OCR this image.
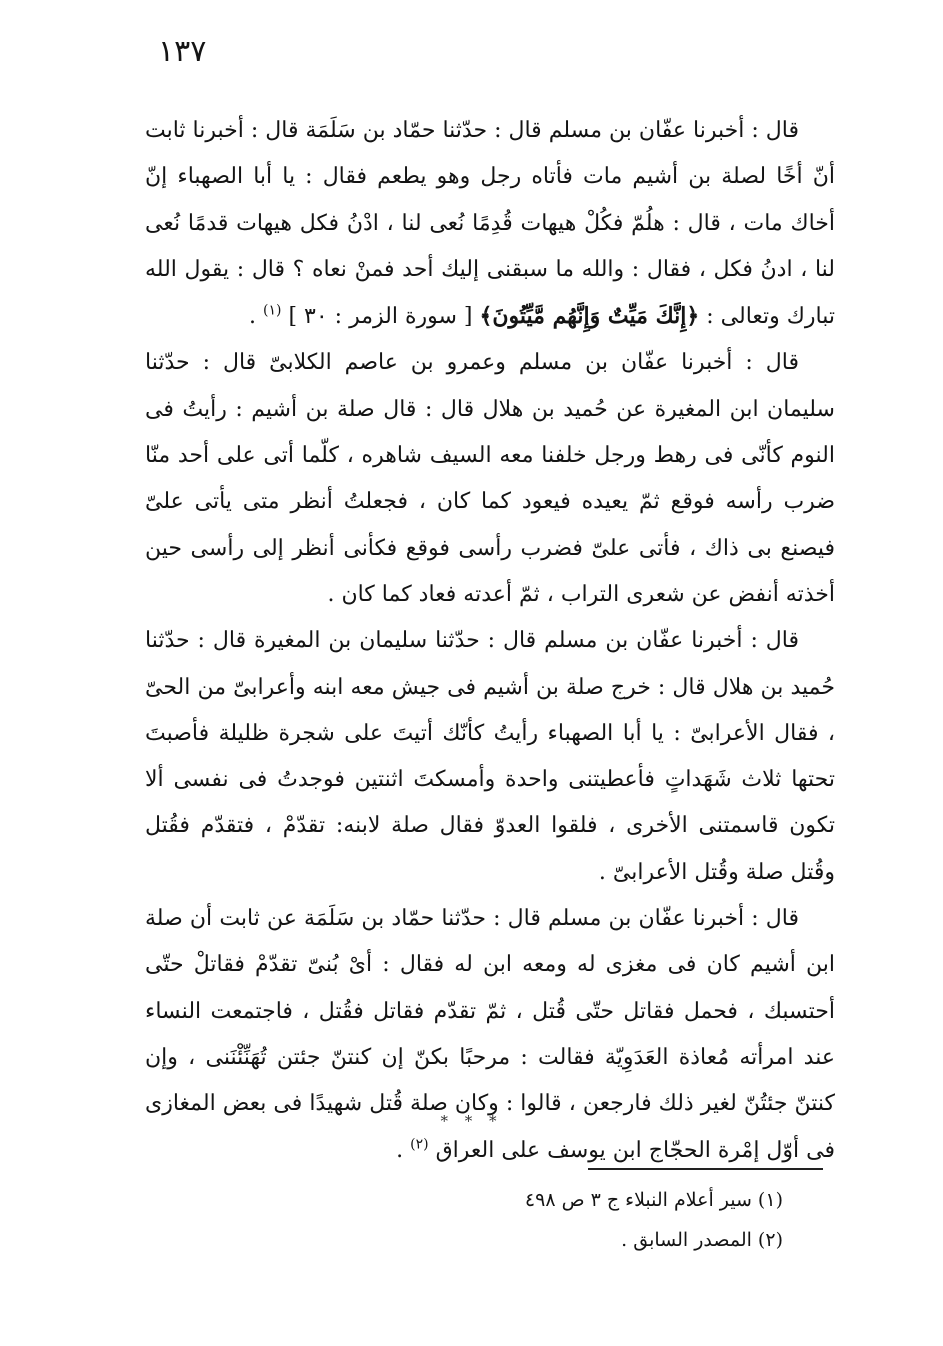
١٣٧

قال : أخبرنا عفّان بن مسلم قال : حدّثنا حمّاد بن سَلَمَة قال : أخبرنا ثابت أنّ أخًا لصلة بن أشيم مات فأتاه رجل وهو يطعم فقال : يا أبا الصهباء إنّ أخاك مات ، قال : هلُمّ فكُلْ هيهات قُدِمًا نُعى لنا ، ادْنُ فكل هيهات قدمًا نُعى لنا ، ادنُ فكل ، فقال : والله ما سبقنى إليك أحد فمنْ نعاه ؟ قال : يقول الله تبارك وتعالى : ﴿إِنَّكَ مَيِّتٌ وَإِنَّهُم مَّيِّتُونَ﴾ [ سورة الزمر : ٣٠ ] $^{(١)}$ .

قال : أخبرنا عفّان بن مسلم وعمرو بن عاصم الكلابىّ قال : حدّثنا سليمان ابن المغيرة عن حُميد بن هلال قال : قال صلة بن أشيم : رأيتُ فى النوم كأنّى فى رهط ورجل خلفنا معه السيف شاهره ، كلّما أتى على أحد منّا ضرب رأسه فوقع ثمّ يعيده فيعود كما كان ، فجعلتُ أنظر متى يأتى علىّ فيصنع بى ذاك ، فأتى علىّ فضرب رأسى فوقع فكأنى أنظر إلى رأسى حين أخذته أنفض عن شعرى التراب ، ثمّ أعدته فعاد كما كان .

قال : أخبرنا عفّان بن مسلم قال : حدّثنا سليمان بن المغيرة قال : حدّثنا حُميد بن هلال قال : خرج صلة بن أشيم فى جيش معه ابنه وأعرابىّ من الحىّ ، فقال الأعرابىّ : يا أبا الصهباء رأيتُ كأنّك أتيتَ على شجرة ظليلة فأصبتَ تحتها ثلاث شَهَداتٍ فأعطيتنى واحدة وأمسكتَ اثنتين فوجدتُ فى نفسى ألا تكون قاسمتنى الأخرى ، فلقوا العدوّ فقال صلة لابنه: تقدّمْ ، فتقدّم فقُتل وقُتل صلة وقُتل الأعرابىّ .

قال : أخبرنا عفّان بن مسلم قال : حدّثنا حمّاد بن سَلَمَة عن ثابت أن صلة ابن أشيم كان فى مغزى له ومعه ابن له فقال : أىْ بُنىّ تقدّمْ فقاتلْ حتّى أحتسبك ، فحمل فقاتل حتّى قُتل ، ثمّ تقدّم فقاتل فقُتل ، فاجتمعت النساء عند امرأته مُعاذة العَدَوِيّة فقالت : مرحبًا بكنّ إن كنتنّ جئتن تُهَنِّئْنَنى ، وإن كنتنّ جئتُنّ لغير ذلك فارجعن ، قالوا : وكان صلة قُتل شهيدًا فى بعض المغازى فى أوّل إمْرة الحجّاج ابن يوسف على العراق $^{(٢)}$ .

* * *
(١) سير أعلام النبلاء ج ٣ ص ٤٩٨
(٢) المصدر السابق .
